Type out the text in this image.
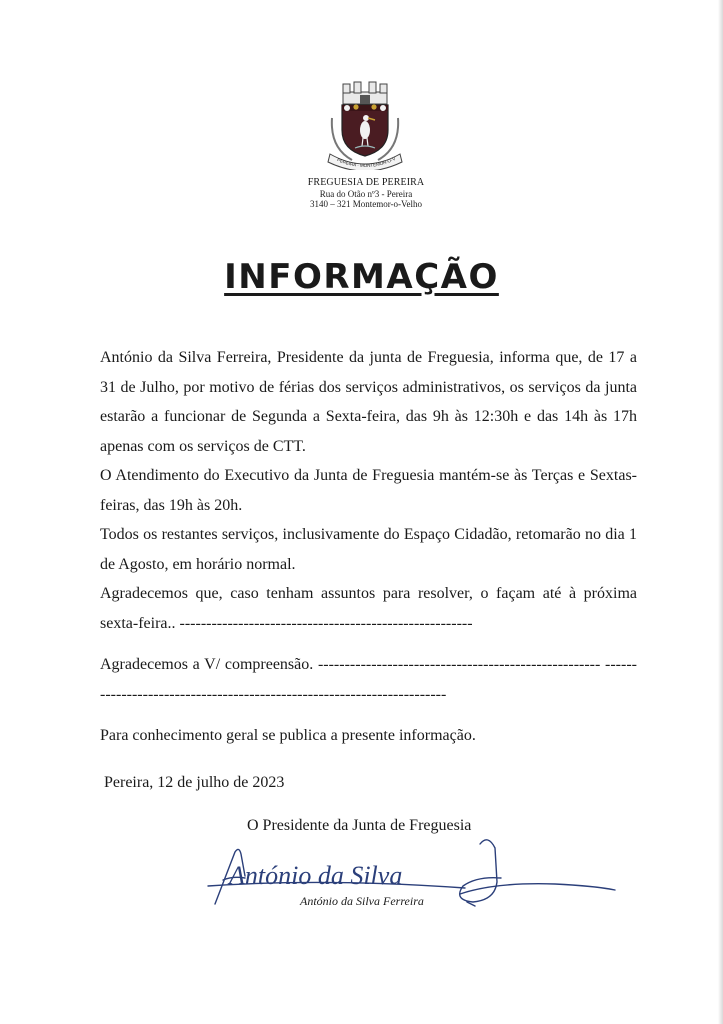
PEREIRA · MONTEMOR-O-V
FREGUESIA DE PEREIRA
Rua do Otão nº3 - Pereira
3140 – 321 Montemor-o-Velho
INFORMAÇÃO

António da Silva Ferreira, Presidente da junta de Freguesia, informa que, de 17 a 31 de Julho, por motivo de férias dos serviços administrativos, os serviços da junta estarão a funcionar de Segunda a Sexta-feira, das 9h às 12:30h e das 14h às 17h apenas com os serviços de CTT.

O Atendimento do Executivo da Junta de Freguesia mantém-se às Terças e Sextas-feiras, das 19h às 20h.

Todos os restantes serviços, inclusivamente do Espaço Cidadão, retomarão no dia 1 de Agosto, em horário normal.

Agradecemos que, caso tenham assuntos para resolver, o façam até à próxima sexta-feira.. -------------------------------------------------------

Agradecemos a V/ compreensão. ----------------------------------------------------- -----------------------------------------------------------------------

Para conhecimento geral se publica a presente informação.

Pereira, 12 de julho de 2023

O Presidente da Junta de Freguesia
António da Silva
António da Silva Ferreira
